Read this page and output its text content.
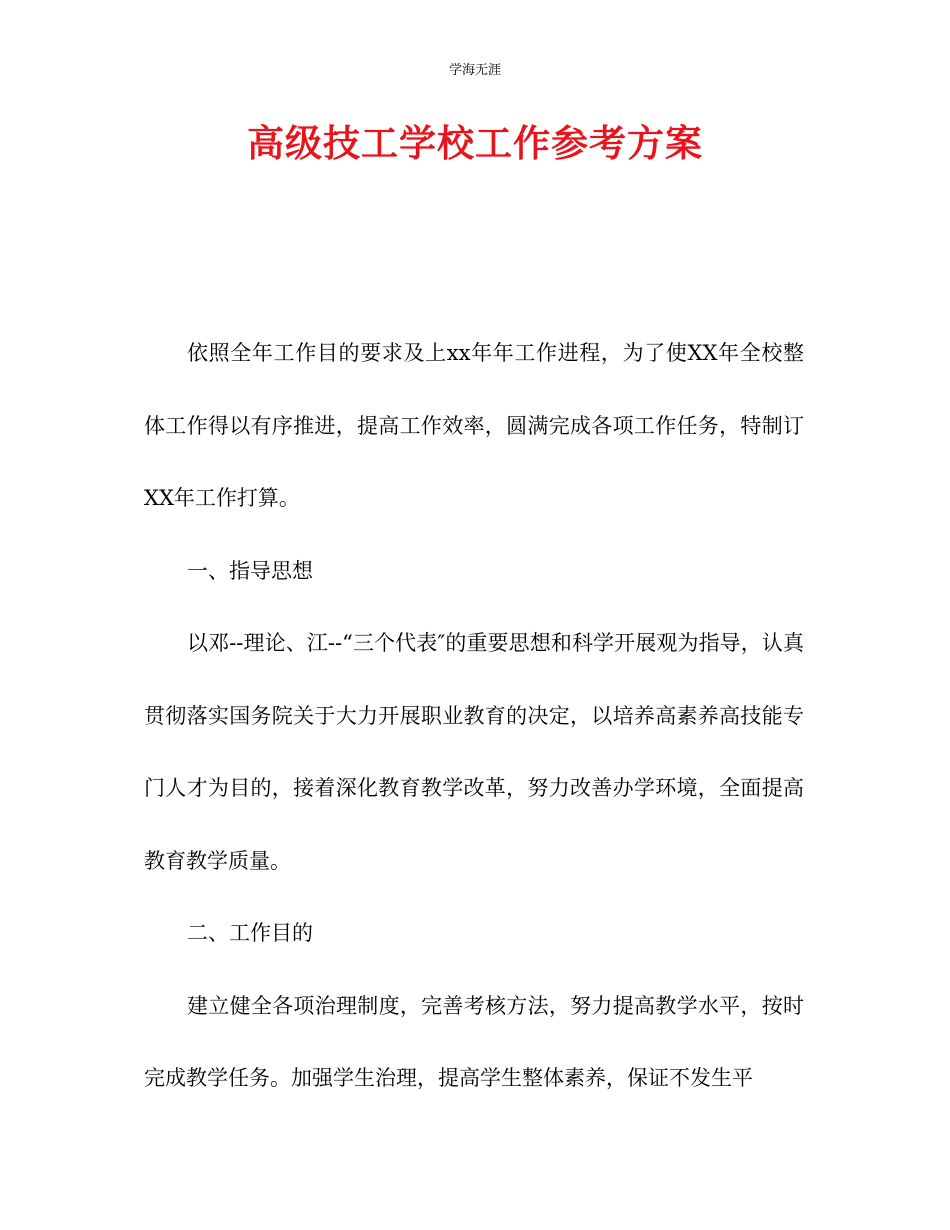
学海无涯
高级技工学校工作参考方案

依照全年工作目的要求及上xx年年工作进程，为了使XX年全校整体工作得以有序推进，提高工作效率，圆满完成各项工作任务，特制订XX年工作打算。

一、指导思想

以邓--理论、江--“三个代表″的重要思想和科学开展观为指导，认真贯彻落实国务院关于大力开展职业教育的决定，以培养高素养高技能专门人才为目的，接着深化教育教学改革，努力改善办学环境，全面提高教育教学质量。

二、工作目的

建立健全各项治理制度，完善考核方法，努力提高教学水平，按时完成教学任务。加强学生治理，提高学生整体素养，保证不发生平
